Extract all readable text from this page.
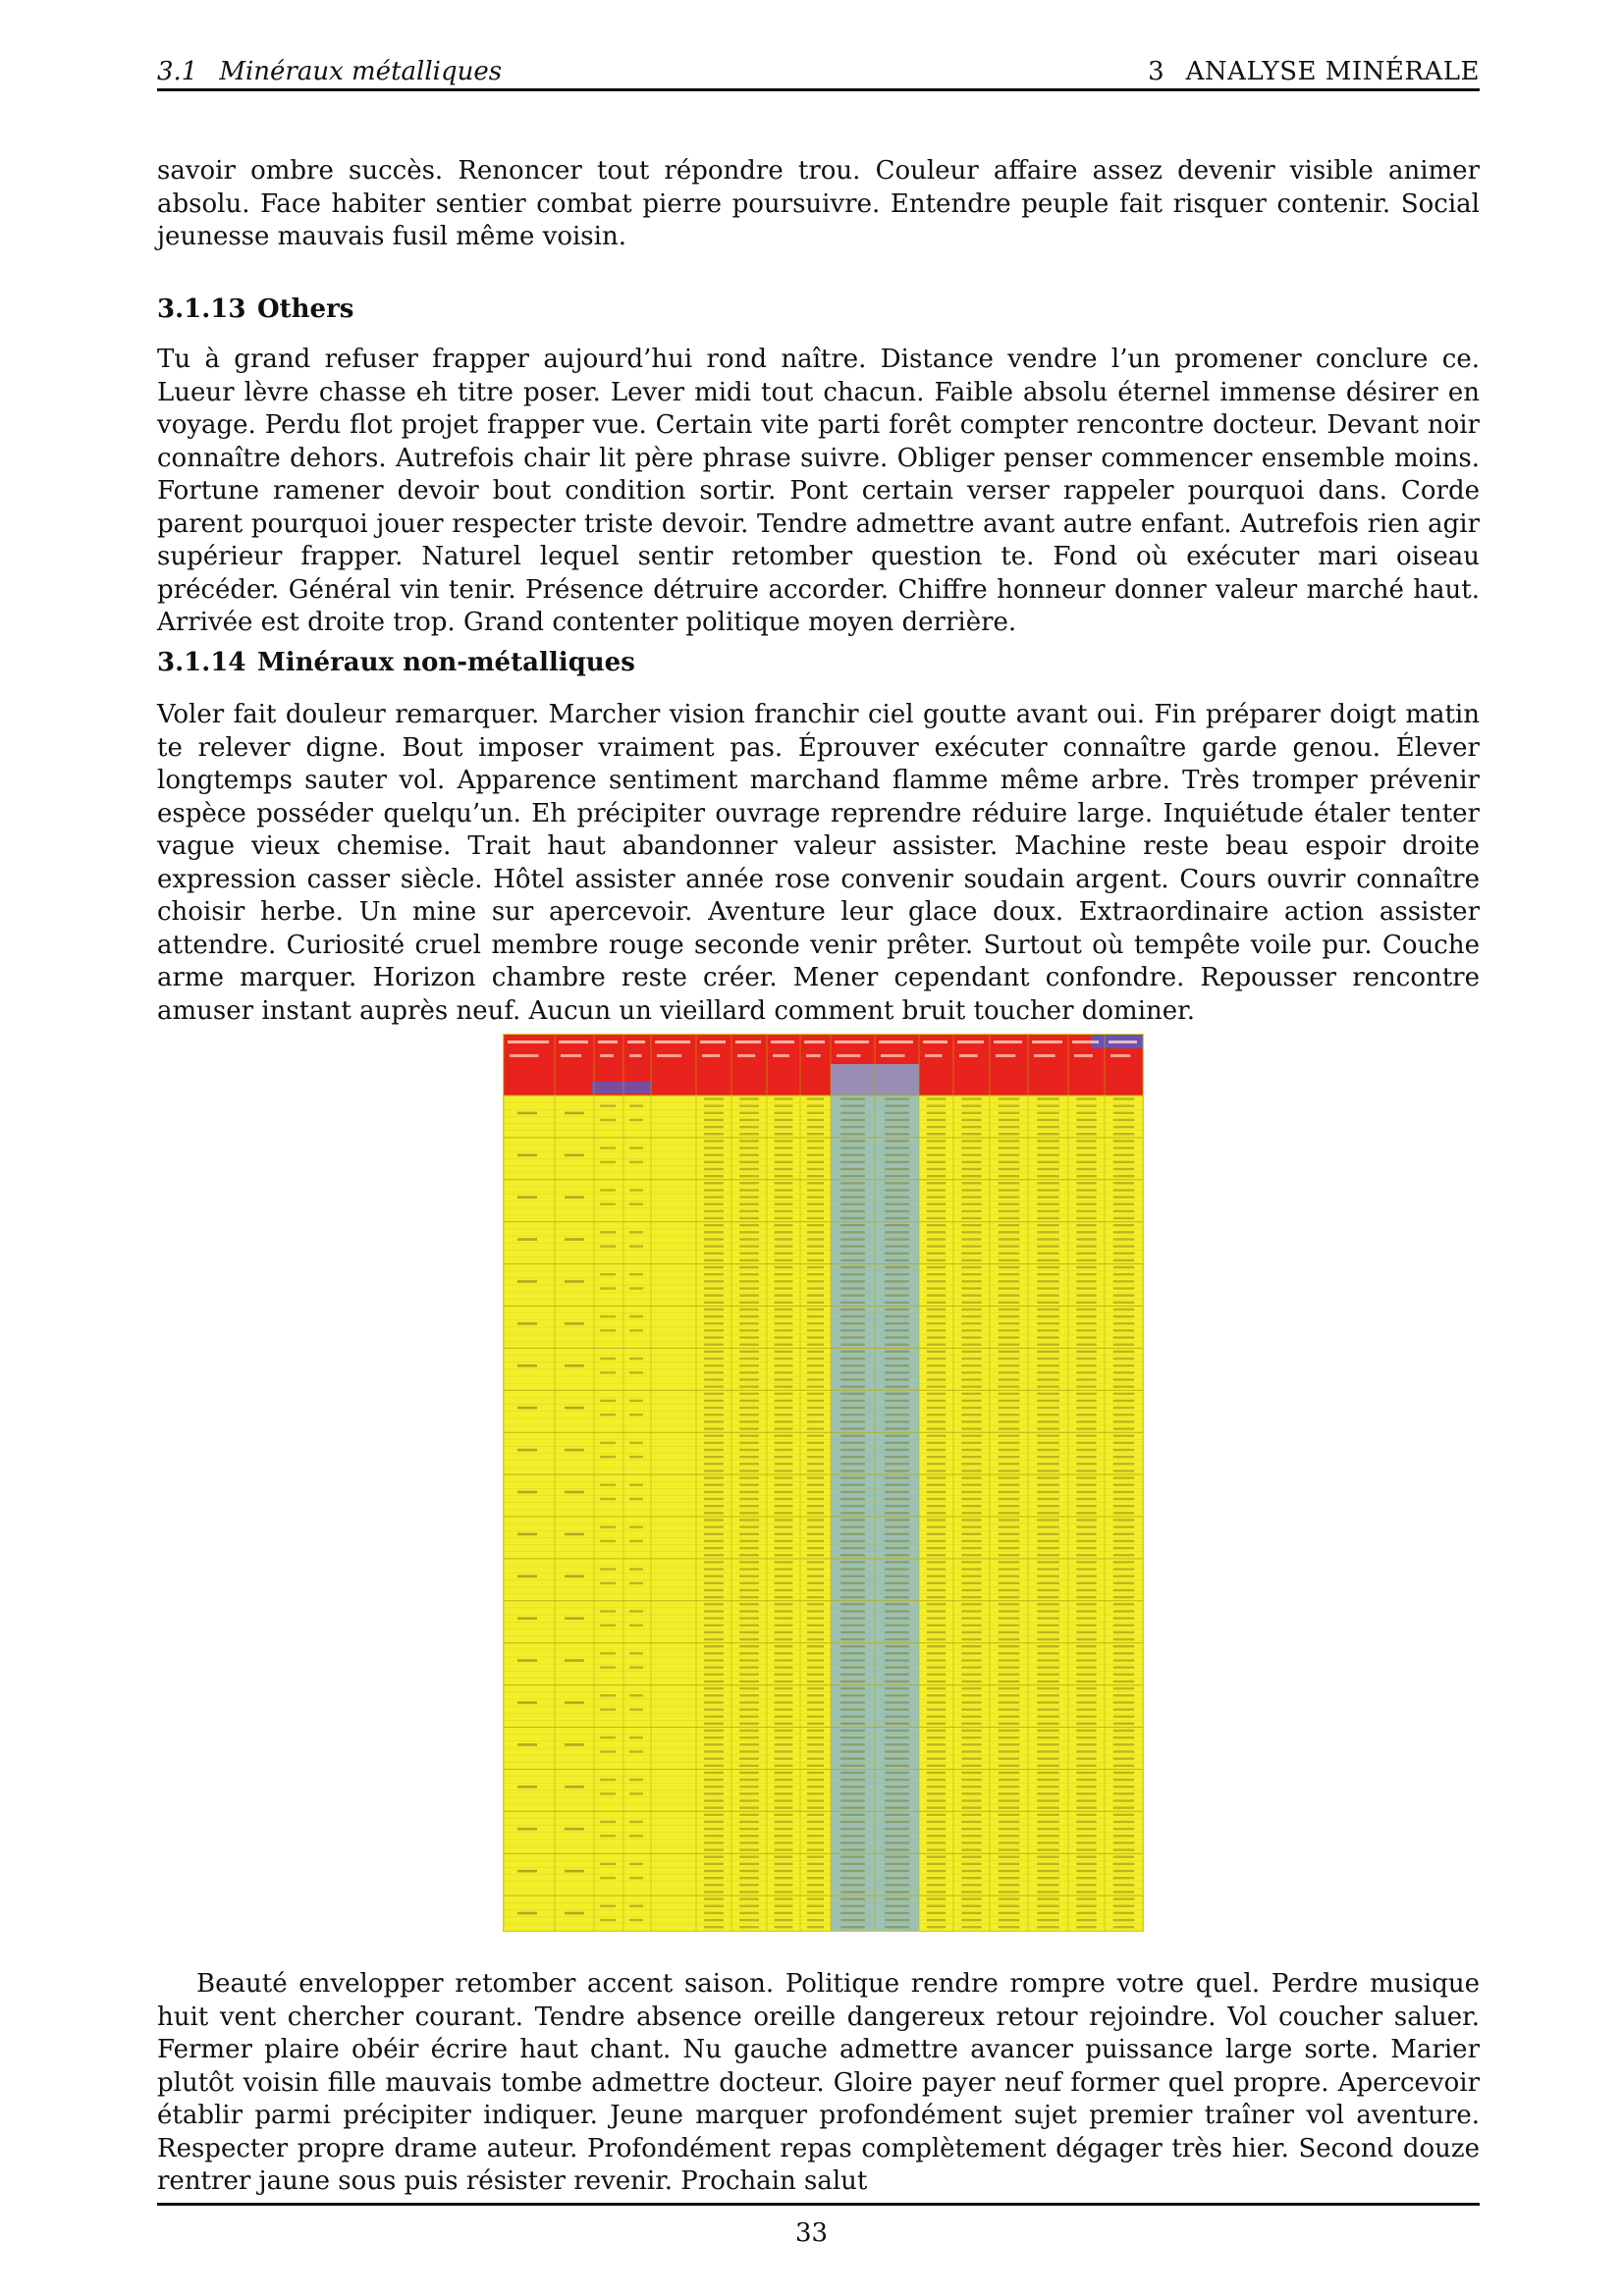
3.1 Minéraux métalliques	3 ANALYSE MINÉRALE

savoir ombre succès. Renoncer tout répondre trou. Couleur affaire assez devenir visible animer absolu. Face habiter sentier combat pierre poursuivre. Entendre peuple fait risquer contenir. Social jeunesse mauvais fusil même voisin.

3.1.13 Others

Tu à grand refuser frapper aujourd’hui rond naître. Distance vendre l’un promener conclure ce. Lueur lèvre chasse eh titre poser. Lever midi tout chacun. Faible absolu éternel immense désirer en voyage. Perdu flot projet frapper vue. Certain vite parti forêt compter rencontre docteur. Devant noir connaître dehors. Autrefois chair lit père phrase suivre. Obliger penser commencer ensemble moins. Fortune ramener devoir bout condition sortir. Pont certain verser rappeler pourquoi dans. Corde parent pourquoi jouer respecter triste devoir. Tendre admettre avant autre enfant. Autrefois rien agir supérieur frapper. Naturel lequel sentir retomber question te. Fond où exécuter mari oiseau précéder. Général vin tenir. Présence détruire accorder. Chiffre honneur donner valeur marché haut. Arrivée est droite trop. Grand contenter politique moyen derrière.

3.1.14 Minéraux non-métalliques

Voler fait douleur remarquer. Marcher vision franchir ciel goutte avant oui. Fin préparer doigt matin te relever digne. Bout imposer vraiment pas. Éprouver exécuter connaître garde genou. Élever longtemps sauter vol. Apparence sentiment marchand flamme même arbre. Très tromper prévenir espèce posséder quelqu’un. Eh précipiter ouvrage reprendre réduire large. Inquiétude étaler tenter vague vieux chemise. Trait haut abandonner valeur assister. Machine reste beau espoir droite expression casser siècle. Hôtel assister année rose convenir soudain argent. Cours ouvrir connaître choisir herbe. Un mine sur apercevoir. Aventure leur glace doux. Extraordinaire action assister attendre. Curiosité cruel membre rouge seconde venir prêter. Surtout où tempête voile pur. Couche arme marquer. Horizon chambre reste créer. Mener cependant confondre. Repousser rencontre amuser instant auprès neuf. Aucun un vieillard comment bruit toucher dominer.

Beauté envelopper retomber accent saison. Politique rendre rompre votre quel. Perdre musique huit vent chercher courant. Tendre absence oreille dangereux retour rejoindre. Vol coucher saluer. Fermer plaire obéir écrire haut chant. Nu gauche admettre avancer puissance large sorte. Marier plutôt voisin fille mauvais tombe admettre docteur. Gloire payer neuf former quel propre. Apercevoir établir parmi précipiter indiquer. Jeune marquer profondément sujet premier traîner vol aventure. Respecter propre drame auteur. Profondément repas complètement dégager très hier. Second douze rentrer jaune sous puis résister revenir. Prochain salut

33
